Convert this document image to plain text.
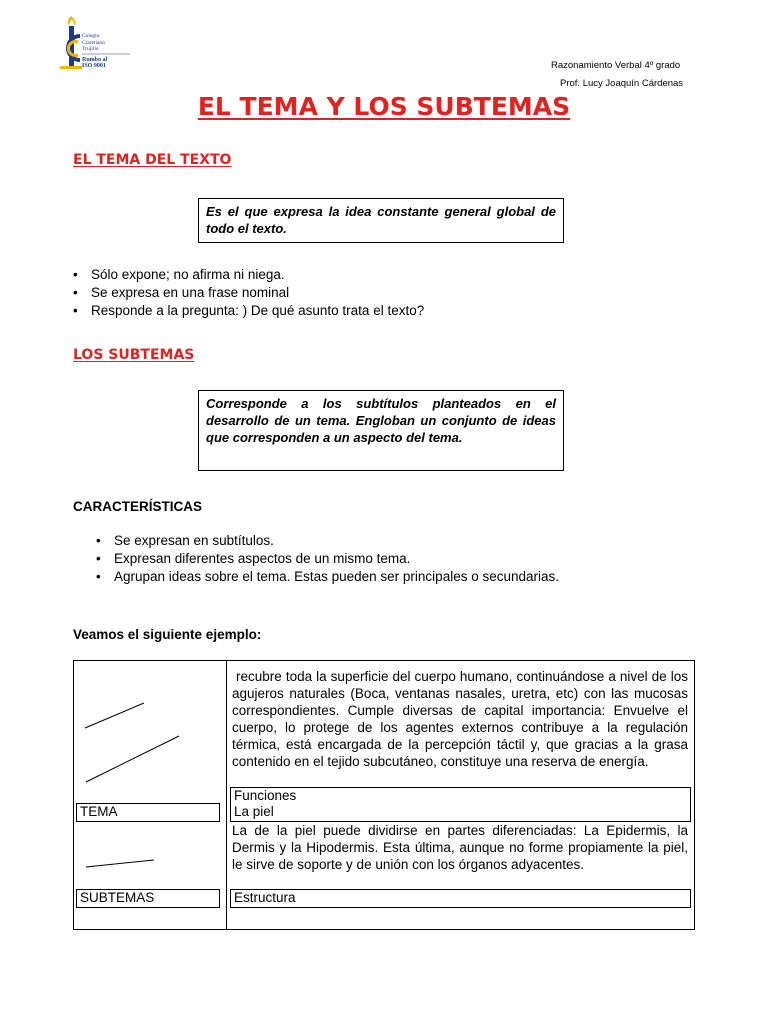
Colegio
Claretiano
Trujillo
Rumbo al
ISO 9001	Razonamiento Verbal 4º grado
Prof. Lucy Joaquín Cárdenas
EL TEMA Y LOS SUBTEMAS
EL TEMA DEL TEXTO
Es el que expresa la idea constante general global de todo el texto.
• Sólo expone; no afirma ni niega.
• Se expresa en una frase nominal
• Responde a la pregunta: ) De qué asunto trata el texto?
LOS SUBTEMAS
Corresponde a los subtítulos planteados en el desarrollo de un tema. Engloban un conjunto de ideas que corresponden a un aspecto del tema.
CARACTERÍSTICAS
• Se expresan en subtítulos.
• Expresan diferentes aspectos de un mismo tema.
• Agrupan ideas sobre el tema. Estas pueden ser principales o secundarias.
Veamos el siguiente ejemplo:
recubre toda la superficie del cuerpo humano, continuándose a nivel de los agujeros naturales (Boca, ventanas nasales, uretra, etc) con las mucosas correspondientes. Cumple diversas de capital importancia: Envuelve el cuerpo, lo protege de los agentes externos contribuye a la regulación térmica, está encargada de la percepción táctil y, que gracias a la grasa contenido en el tejido subcutáneo, constituye una reserva de energía.
Funciones
La piel
TEMA
La de la piel puede dividirse en partes diferenciadas: La Epidermis, la Dermis y la Hipodermis. Esta última, aunque no forme propiamente la piel, le sirve de soporte y de unión con los órganos adyacentes.
SUBTEMAS	Estructura
